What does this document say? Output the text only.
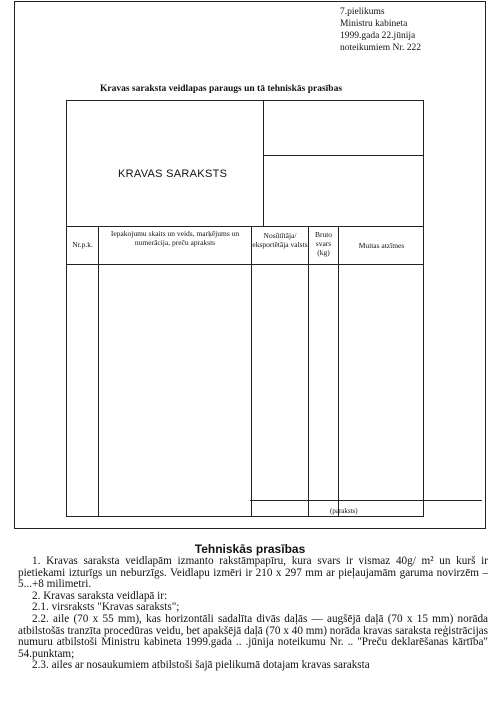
7.pielikums
Ministru kabineta
1999.gada 22.jūnija
noteikumiem Nr. 222
Kravas saraksta veidlapas paraugs un tā tehniskās prasības
KRAVAS SARAKSTS
Nr.p.k.
Iepakojumu skaits un veids, marķējums un numerācija, preču apraksts
Nosūtītāja/ eksportētāja valsts
Bruto svars (kg)
Muitas atzīmes
(paraksts)
Tehniskās prasības

1. Kravas saraksta veidlapām izmanto rakstāmpapīru, kura svars ir vismaz 40g/ m² un kurš ir pietiekami izturīgs un neburzīgs. Veidlapu izmēri ir 210 x 297 mm ar pieļaujamām garuma novirzēm –5...+8 milimetri.

2. Kravas saraksta veidlapā ir:

2.1. virsraksts "Kravas saraksts";

2.2. aile (70 x 55 mm), kas horizontāli sadalīta divās daļās — augšējā daļā (70 x 15 mm) norāda atbilstošās tranzīta procedūras veidu, bet apakšējā daļā (70 x 40 mm) norāda kravas saraksta reģistrācijas numuru atbilstoši Ministru kabineta 1999.gada .. .jūnija noteikumu Nr. .. "Preču deklarēšanas kārtība" 54.punktam;

2.3. ailes ar nosaukumiem atbilstoši šajā pielikumā dotajam kravas saraksta
